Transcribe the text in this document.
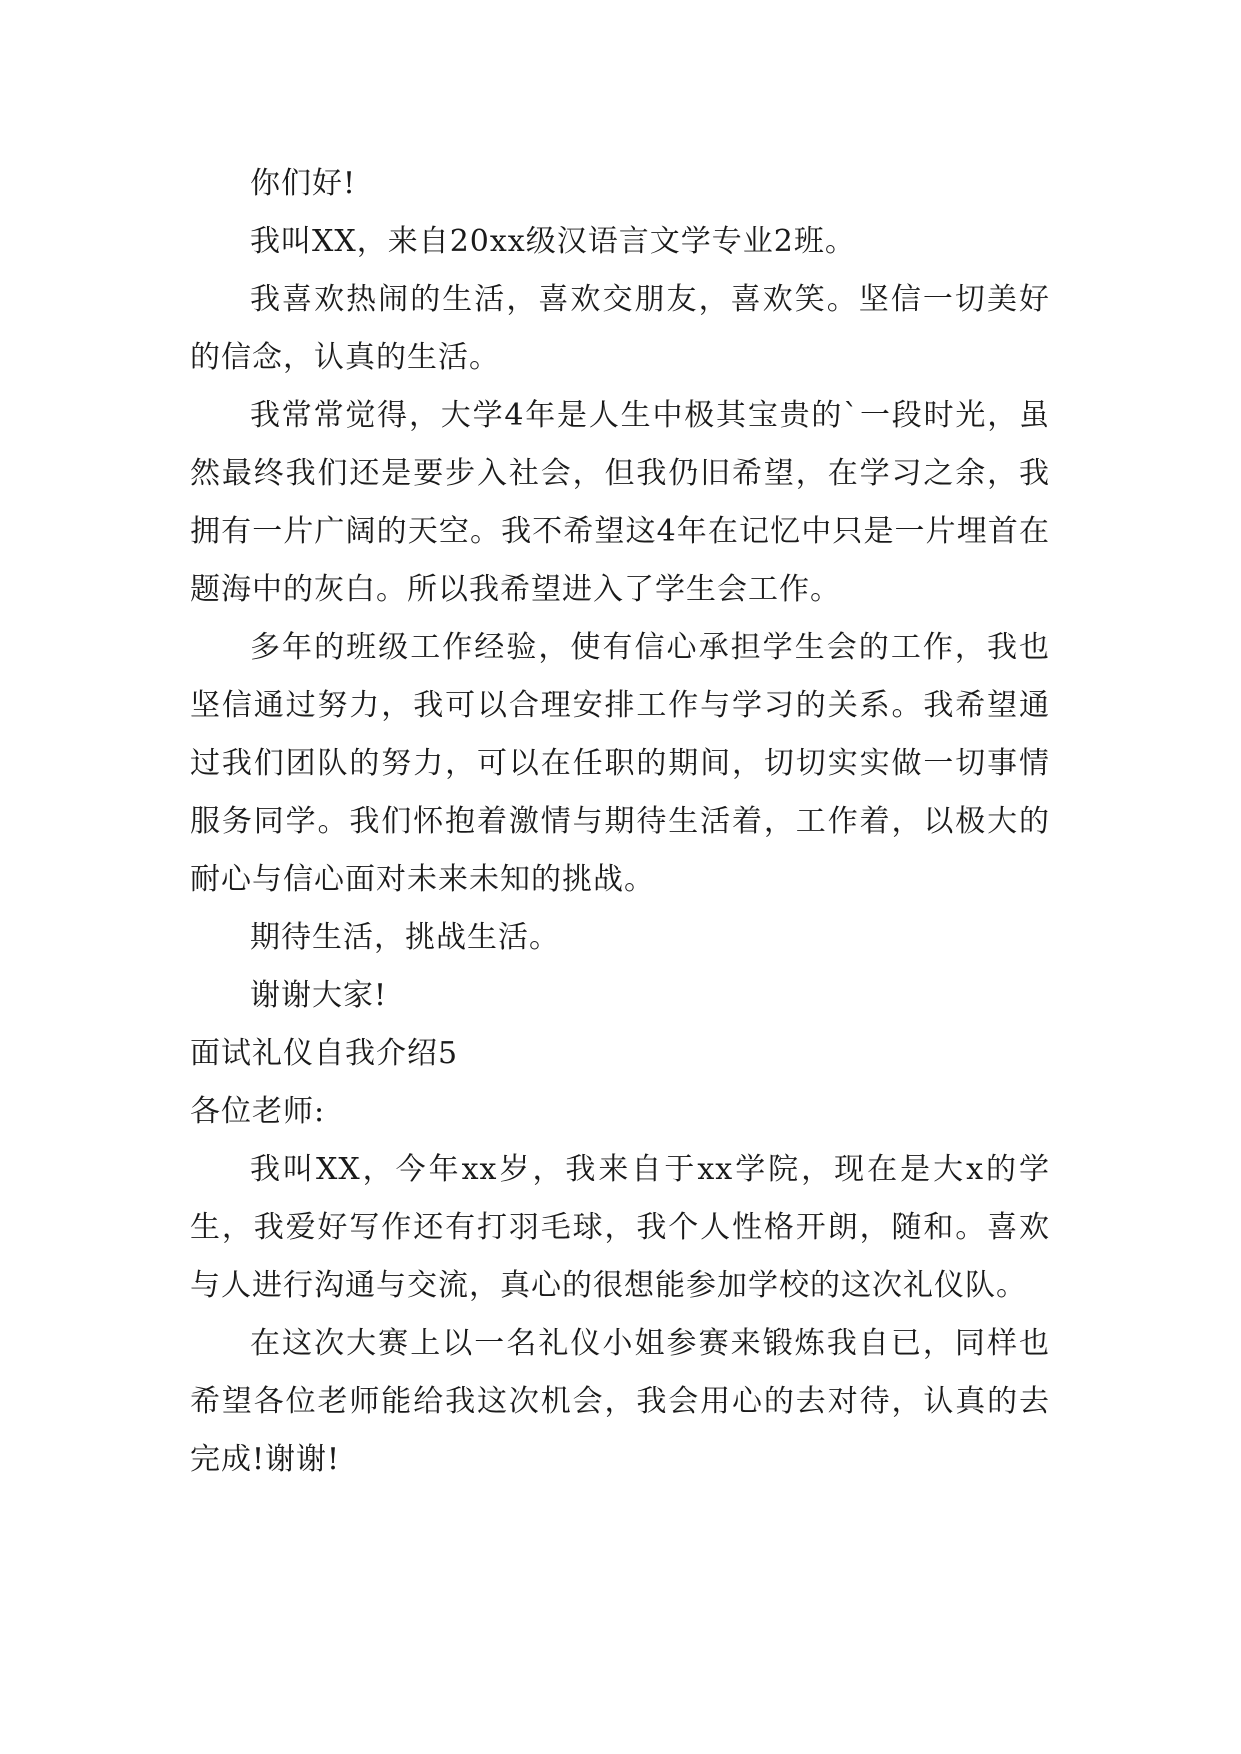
你们好!

我叫XX，来自20xx级汉语言文学专业2班。

我喜欢热闹的生活，喜欢交朋友，喜欢笑。坚信一切美好的信念，认真的生活。

我常常觉得，大学4年是人生中极其宝贵的`一段时光，虽然最终我们还是要步入社会，但我仍旧希望，在学习之余，我拥有一片广阔的天空。我不希望这4年在记忆中只是一片埋首在题海中的灰白。所以我希望进入了学生会工作。

多年的班级工作经验，使有信心承担学生会的工作，我也坚信通过努力，我可以合理安排工作与学习的关系。我希望通过我们团队的努力，可以在任职的期间，切切实实做一切事情服务同学。我们怀抱着激情与期待生活着，工作着，以极大的耐心与信心面对未来未知的挑战。

期待生活，挑战生活。

谢谢大家!

面试礼仪自我介绍5

各位老师:

我叫XX，今年xx岁，我来自于xx学院，现在是大x的学生，我爱好写作还有打羽毛球，我个人性格开朗，随和。喜欢与人进行沟通与交流，真心的很想能参加学校的这次礼仪队。

在这次大赛上以一名礼仪小姐参赛来锻炼我自已，同样也希望各位老师能给我这次机会，我会用心的去对待，认真的去完成!谢谢!
